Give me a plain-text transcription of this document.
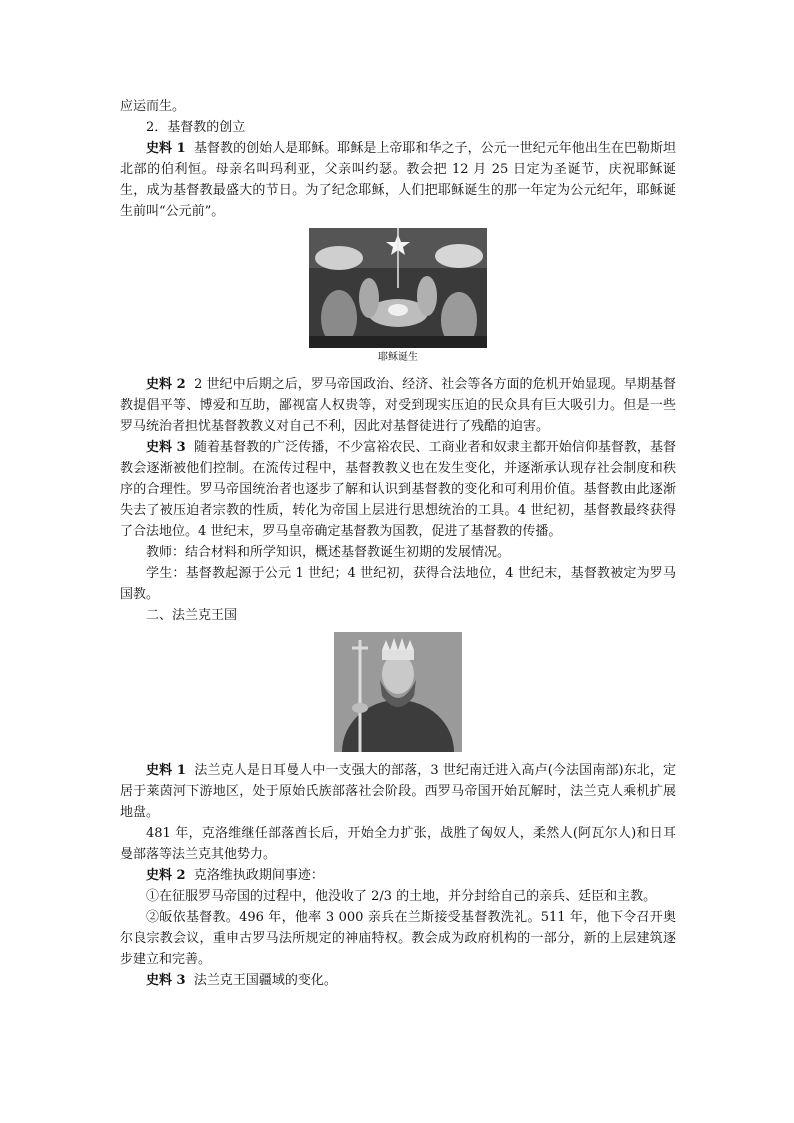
应运而生。

2．基督教的创立

史料 1 基督教的创始人是耶稣。耶稣是上帝耶和华之子，公元一世纪元年他出生在巴勒斯坦北部的伯利恒。母亲名叫玛利亚，父亲叫约瑟。教会把 12 月 25 日定为圣诞节，庆祝耶稣诞生，成为基督教最盛大的节日。为了纪念耶稣，人们把耶稣诞生的那一年定为公元纪年，耶稣诞生前叫“公元前”。

耶稣诞生

史料 2 2 世纪中后期之后，罗马帝国政治、经济、社会等各方面的危机开始显现。早期基督教提倡平等、博爱和互助，鄙视富人权贵等，对受到现实压迫的民众具有巨大吸引力。但是一些罗马统治者担忧基督教教义对自己不利，因此对基督徒进行了残酷的迫害。

史料 3 随着基督教的广泛传播，不少富裕农民、工商业者和奴隶主都开始信仰基督教，基督教会逐渐被他们控制。在流传过程中，基督教教义也在发生变化，并逐渐承认现存社会制度和秩序的合理性。罗马帝国统治者也逐步了解和认识到基督教的变化和可利用价值。基督教由此逐渐失去了被压迫者宗教的性质，转化为帝国上层进行思想统治的工具。4 世纪初，基督教最终获得了合法地位。4 世纪末，罗马皇帝确定基督教为国教，促进了基督教的传播。

教师：结合材料和所学知识，概述基督教诞生初期的发展情况。

学生：基督教起源于公元 1 世纪；4 世纪初，获得合法地位，4 世纪末，基督教被定为罗马国教。

二、法兰克王国

史料 1 法兰克人是日耳曼人中一支强大的部落，3 世纪南迁进入高卢(今法国南部)东北，定居于莱茵河下游地区，处于原始氏族部落社会阶段。西罗马帝国开始瓦解时，法兰克人乘机扩展地盘。

481 年，克洛维继任部落酋长后，开始全力扩张，战胜了匈奴人，柔然人(阿瓦尔人)和日耳曼部落等法兰克其他势力。

史料 2 克洛维执政期间事迹：

①在征服罗马帝国的过程中，他没收了 2/3 的土地，并分封给自己的亲兵、廷臣和主教。

②皈依基督教。496 年，他率 3 000 亲兵在兰斯接受基督教洗礼。511 年，他下令召开奥尔良宗教会议，重申古罗马法所规定的神庙特权。教会成为政府机构的一部分，新的上层建筑逐步建立和完善。

史料 3 法兰克王国疆域的变化。
